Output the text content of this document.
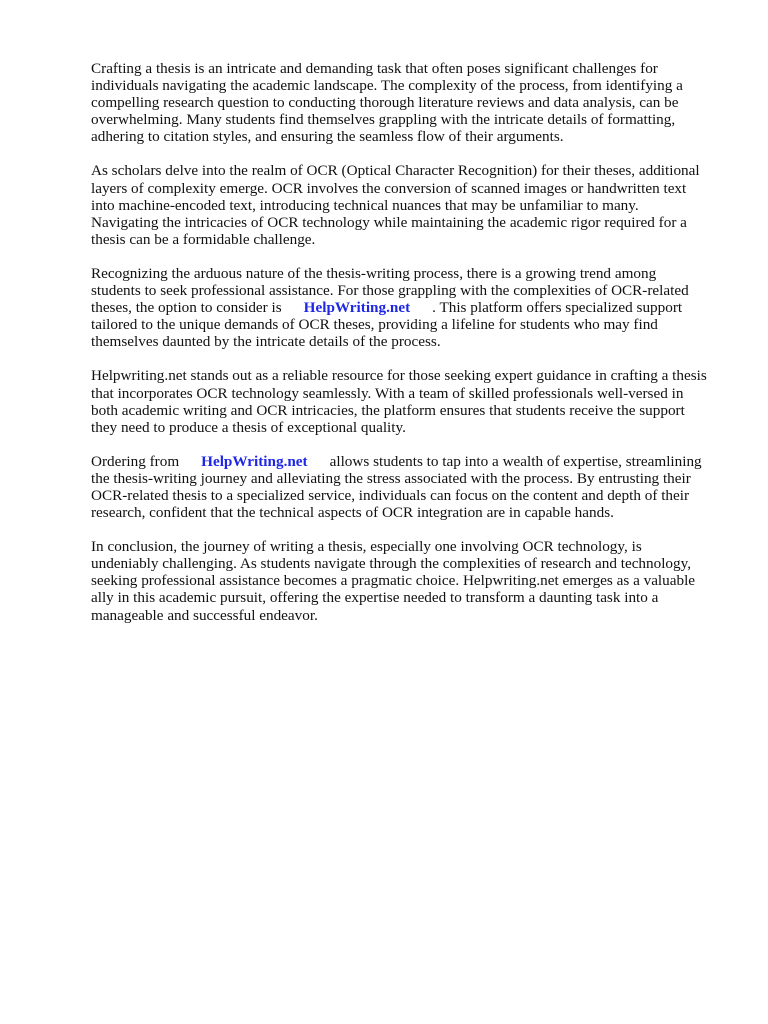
Crafting a thesis is an intricate and demanding task that often poses significant challenges for
individuals navigating the academic landscape. The complexity of the process, from identifying a
compelling research question to conducting thorough literature reviews and data analysis, can be
overwhelming. Many students find themselves grappling with the intricate details of formatting,
adhering to citation styles, and ensuring the seamless flow of their arguments.

As scholars delve into the realm of OCR (Optical Character Recognition) for their theses, additional
layers of complexity emerge. OCR involves the conversion of scanned images or handwritten text
into machine-encoded text, introducing technical nuances that may be unfamiliar to many.
Navigating the intricacies of OCR technology while maintaining the academic rigor required for a
thesis can be a formidable challenge.

Recognizing the arduous nature of the thesis-writing process, there is a growing trend among
students to seek professional assistance. For those grappling with the complexities of OCR-related
theses, the option to consider is HelpWriting.net . This platform offers specialized support
tailored to the unique demands of OCR theses, providing a lifeline for students who may find
themselves daunted by the intricate details of the process.

Helpwriting.net stands out as a reliable resource for those seeking expert guidance in crafting a thesis
that incorporates OCR technology seamlessly. With a team of skilled professionals well-versed in
both academic writing and OCR intricacies, the platform ensures that students receive the support
they need to produce a thesis of exceptional quality.

Ordering from HelpWriting.net allows students to tap into a wealth of expertise, streamlining
the thesis-writing journey and alleviating the stress associated with the process. By entrusting their
OCR-related thesis to a specialized service, individuals can focus on the content and depth of their
research, confident that the technical aspects of OCR integration are in capable hands.

In conclusion, the journey of writing a thesis, especially one involving OCR technology, is
undeniably challenging. As students navigate through the complexities of research and technology,
seeking professional assistance becomes a pragmatic choice. Helpwriting.net emerges as a valuable
ally in this academic pursuit, offering the expertise needed to transform a daunting task into a
manageable and successful endeavor.
